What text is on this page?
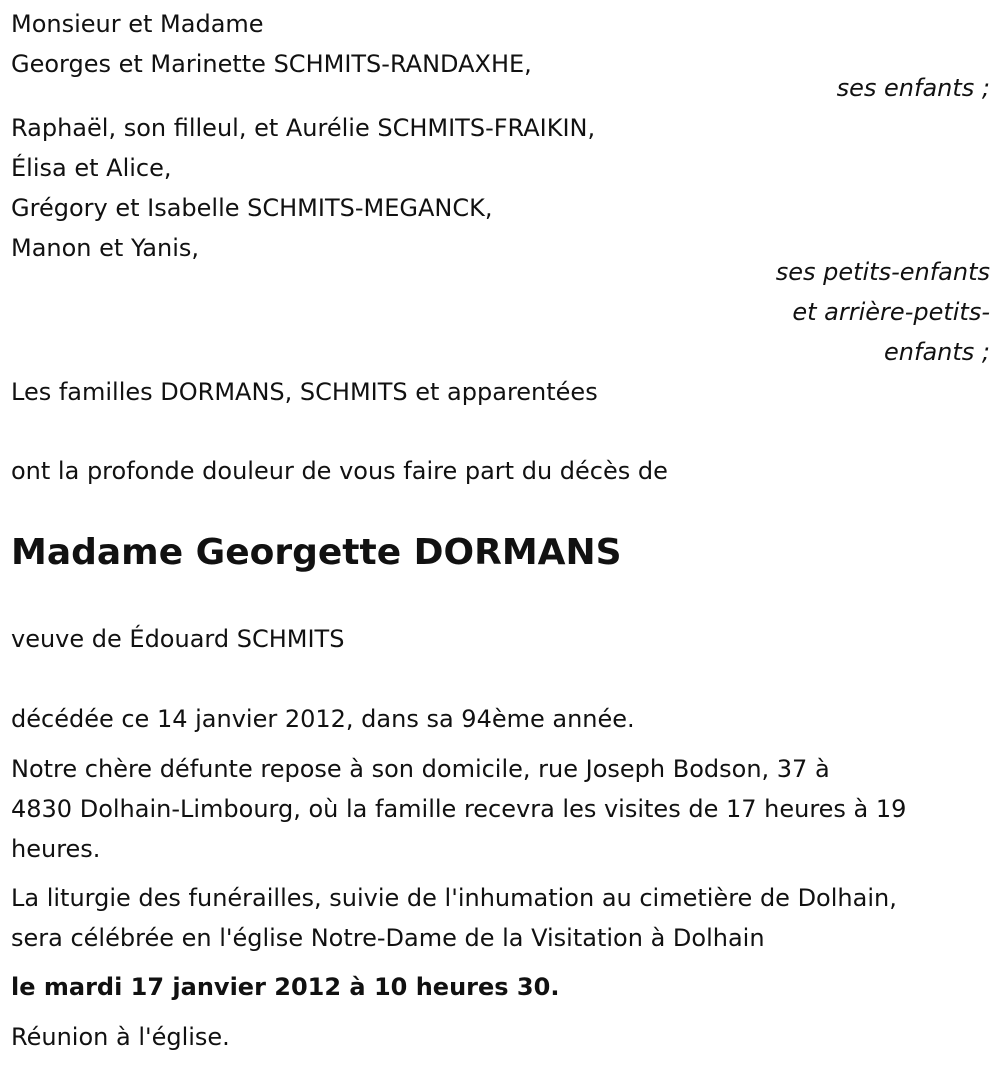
Monsieur et Madame
Georges et Marinette SCHMITS-RANDAXHE,
ses enfants ;
Raphaël, son filleul, et Aurélie SCHMITS-FRAIKIN,
Élisa et Alice,
Grégory et Isabelle SCHMITS-MEGANCK,
Manon et Yanis,
ses petits-enfants
et arrière-petits-
enfants ;
Les familles DORMANS, SCHMITS et apparentées
ont la profonde douleur de vous faire part du décès de
Madame Georgette DORMANS
veuve de Édouard SCHMITS
décédée ce 14 janvier 2012, dans sa 94ème année.
Notre chère défunte repose à son domicile, rue Joseph Bodson, 37 à
4830 Dolhain-Limbourg, où la famille recevra les visites de 17 heures à 19
heures.
La liturgie des funérailles, suivie de l'inhumation au cimetière de Dolhain,
sera célébrée en l'église Notre-Dame de la Visitation à Dolhain
le mardi 17 janvier 2012 à 10 heures 30.
Réunion à l'église.
